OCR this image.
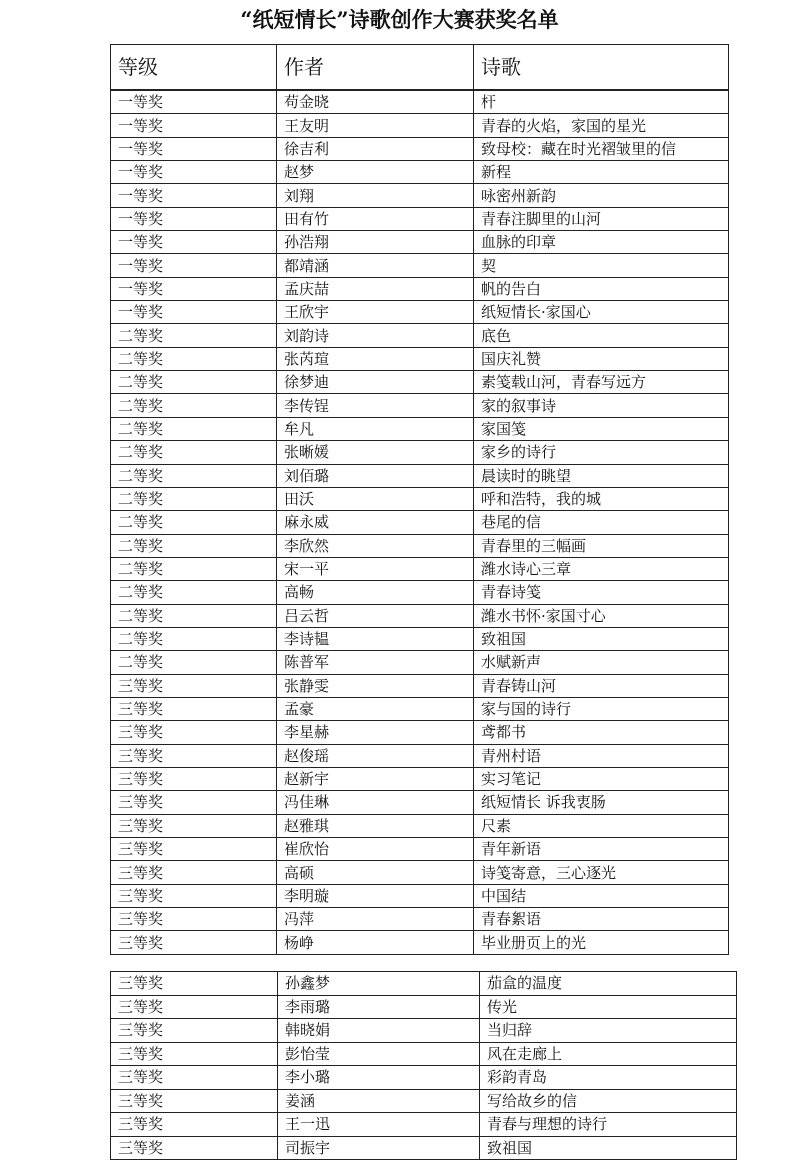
“纸短情长”诗歌创作大赛获奖名单
等级	作者	诗歌
一等奖	苟金晓	杆
一等奖	王友明	青春的火焰，家国的星光
一等奖	徐吉利	致母校：藏在时光褶皱里的信
一等奖	赵梦	新程
一等奖	刘翔	咏密州新韵
一等奖	田有竹	青春注脚里的山河
一等奖	孙浩翔	血脉的印章
一等奖	都靖涵	契
一等奖	孟庆喆	帆的告白
一等奖	王欣宇	纸短情长·家国心
二等奖	刘韵诗	底色
二等奖	张芮瑄	国庆礼赞
二等奖	徐梦迪	素笺载山河，青春写远方
二等奖	李传锃	家的叙事诗
二等奖	牟凡	家国笺
二等奖	张晰媛	家乡的诗行
二等奖	刘佰璐	晨读时的眺望
二等奖	田沃	呼和浩特，我的城
二等奖	麻永威	巷尾的信
二等奖	李欣然	青春里的三幅画
二等奖	宋一平	潍水诗心三章
二等奖	高畅	青春诗笺
二等奖	吕云哲	潍水书怀·家国寸心
二等奖	李诗韫	致祖国
二等奖	陈普军	水赋新声
三等奖	张静雯	青春铸山河
三等奖	孟豪	家与国的诗行
三等奖	李星赫	鸢都书
三等奖	赵俊瑶	青州村语
三等奖	赵新宇	实习笔记
三等奖	冯佳琳	纸短情长 诉我衷肠
三等奖	赵雅琪	尺素
三等奖	崔欣怡	青年新语
三等奖	高硕	诗笺寄意，三心逐光
三等奖	李明璇	中国结
三等奖	冯萍	青春絮语
三等奖	杨峥	毕业册页上的光
三等奖	孙鑫梦	茄盒的温度
三等奖	李雨璐	传光
三等奖	韩晓娟	当归辞
三等奖	彭怡莹	风在走廊上
三等奖	李小璐	彩韵青岛
三等奖	姜涵	写给故乡的信
三等奖	王一迅	青春与理想的诗行
三等奖	司振宇	致祖国
